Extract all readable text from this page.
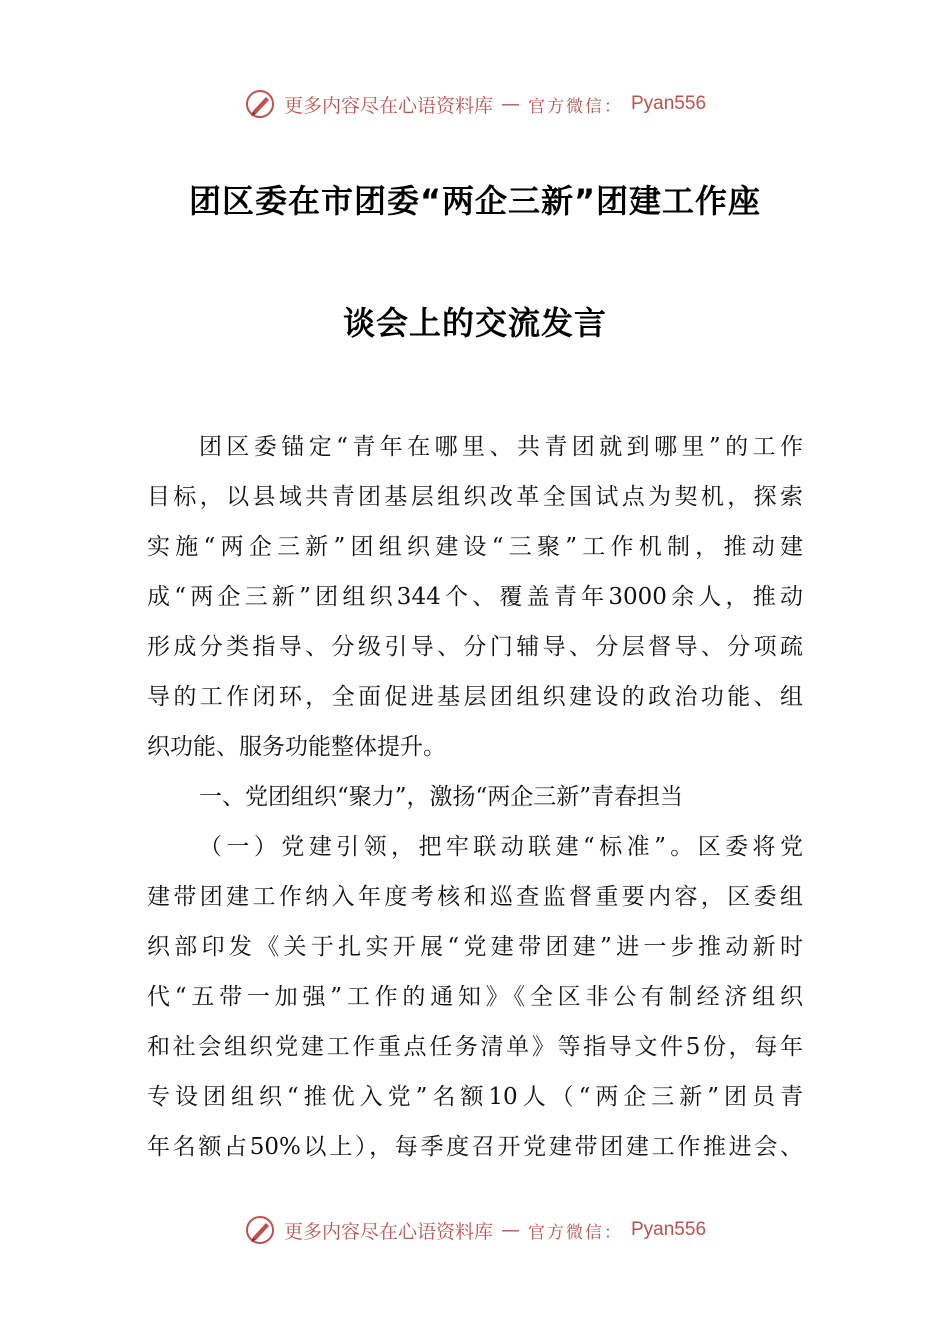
更多内容尽在心语资料库 — 官方微信： Pyan556
团区委在市团委“两企三新”团建工作座
谈会上的交流发言
团区委锚定“青年在哪里、共青团就到哪里”的工作
目标，以县域共青团基层组织改革全国试点为契机，探索
实施“两企三新”团组织建设“三聚”工作机制，推动建
成“两企三新”团组织344个、覆盖青年3000余人，推动
形成分类指导、分级引导、分门辅导、分层督导、分项疏
导的工作闭环，全面促进基层团组织建设的政治功能、组
织功能、服务功能整体提升。
一、党团组织“聚力”，激扬“两企三新”青春担当
（一）党建引领，把牢联动联建“标准”。区委将党
建带团建工作纳入年度考核和巡查监督重要内容，区委组
织部印发《关于扎实开展“党建带团建”进一步推动新时
代“五带一加强”工作的通知》《全区非公有制经济组织
和社会组织党建工作重点任务清单》等指导文件5份，每年
专设团组织“推优入党”名额10人（“两企三新”团员青
年名额占50%以上），每季度召开党建带团建工作推进会、
更多内容尽在心语资料库 — 官方微信： Pyan556
